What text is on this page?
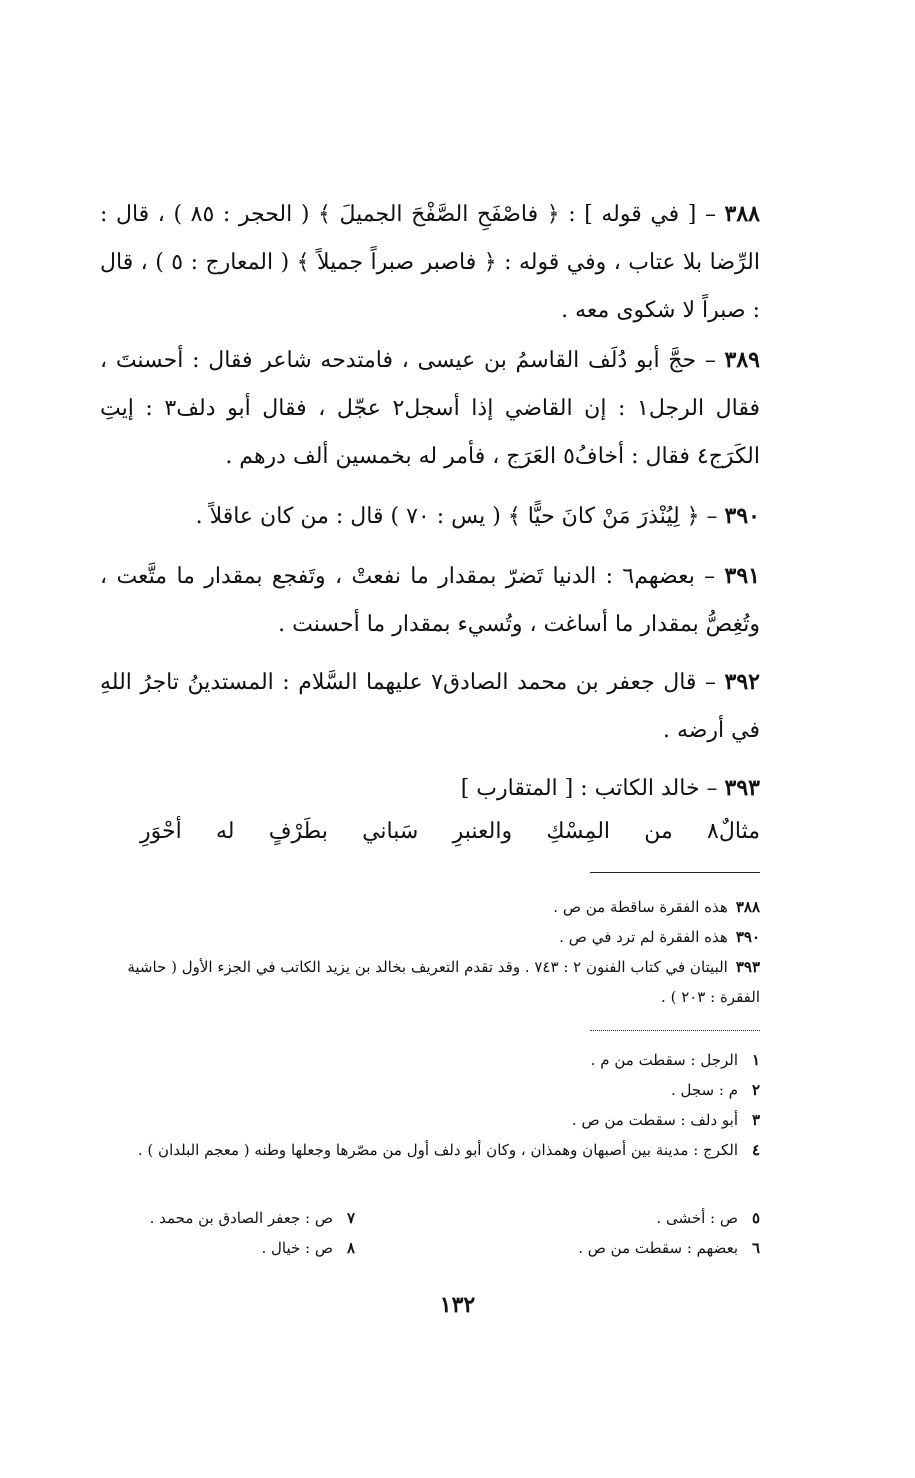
٣٨٨ – [ في قوله ] : ﴿ فاصْفَحِ الصَّفْحَ الجميلَ ﴾ ( الحجر : ٨٥ ) ، قال : الرِّضا بلا عتاب ، وفي قوله : ﴿ فاصبر صبراً جميلاً ﴾ ( المعارج : ٥ ) ، قال : صبراً لا شكوى معه .

٣٨٩ – حجَّ أبو دُلَف القاسمُ بن عيسى ، فامتدحه شاعر فقال : أحسنتَ ، فقال الرجل١ : إن القاضي إذا أسجل٢ عجّل ، فقال أبو دلف٣ : إيتِ الكَرَج٤ فقال : أخافُ٥ العَرَج ، فأمر له بخمسين ألف درهم .

٣٩٠ – ﴿ لِيُنْذرَ مَنْ كانَ حيًّا ﴾ ( يس : ٧٠ ) قال : من كان عاقلاً .

٣٩١ – بعضهم٦ : الدنيا تَضرّ بمقدار ما نفعتْ ، وتَفجع بمقدار ما متَّعت ، وتُغِصُّ بمقدار ما أساغت ، وتُسيء بمقدار ما أحسنت .

٣٩٢ – قال جعفر بن محمد الصادق٧ عليهما السَّلام : المستدينُ تاجرُ اللهِ في أرضه .

٣٩٣ – خالد الكاتب : [ المتقارب ]

مثالٌ٨
من
المِسْكِ
والعنبرِ
سَباني
بطَرْفٍ
له
أحْوَرِ
٣٨٨هذه الفقرة ساقطة من ص .
٣٩٠هذه الفقرة لم ترد في ص .
٣٩٣البيتان في كتاب الفنون ٢ : ٧٤٣ . وقد تقدم التعريف بخالد بن يزيد الكاتب في الجزء الأول ( حاشية الفقرة : ٢٠٣ ) .
١الرجل : سقطت من م .
٢م : سجل .
٣أبو دلف : سقطت من ص .
٤الكرج : مدينة بين أصبهان وهمذان ، وكان أبو دلف أول من مصّرها وجعلها وطنه ( معجم البلدان ) .
٥ص : أخشى .
٦بعضهم : سقطت من ص .
٧ص : جعفر الصادق بن محمد .
٨ص : خيال .
١٣٢
